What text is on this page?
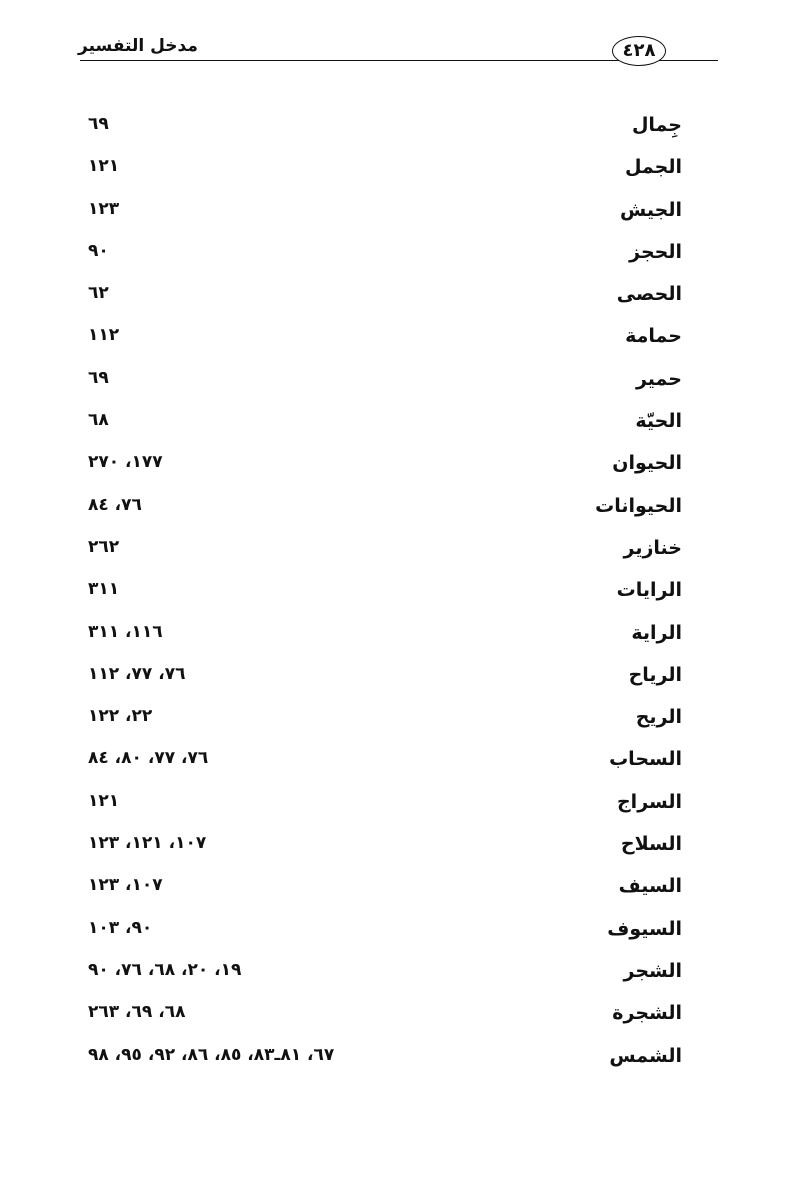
مدخل التفسير	٤٢٨
جِمال
٦٩
الجمل
١٢١
الجيش
١٢٣
الحجز
٩٠
الحصى
٦٢
حمامة
١١٢
حمير
٦٩
الحيّة
٦٨
الحيوان
١٧٧، ٢٧٠
الحيوانات
٧٦، ٨٤
خنازير
٢٦٢
الرايات
٣١١
الراية
١١٦، ٣١١
الرياح
٧٦، ٧٧، ١١٢
الريح
٢٢، ١٢٢
السحاب
٧٦، ٧٧، ٨٠، ٨٤
السراج
١٢١
السلاح
١٠٧، ١٢١، ١٢٣
السيف
١٠٧، ١٢٣
السيوف
٩٠، ١٠٣
الشجر
١٩، ٢٠، ٦٨، ٧٦، ٩٠
الشجرة
٦٨، ٦٩، ٢٦٣
الشمس
٦٧، ٨١ـ٨٣، ٨٥، ٨٦، ٩٢، ٩٥، ٩٨
